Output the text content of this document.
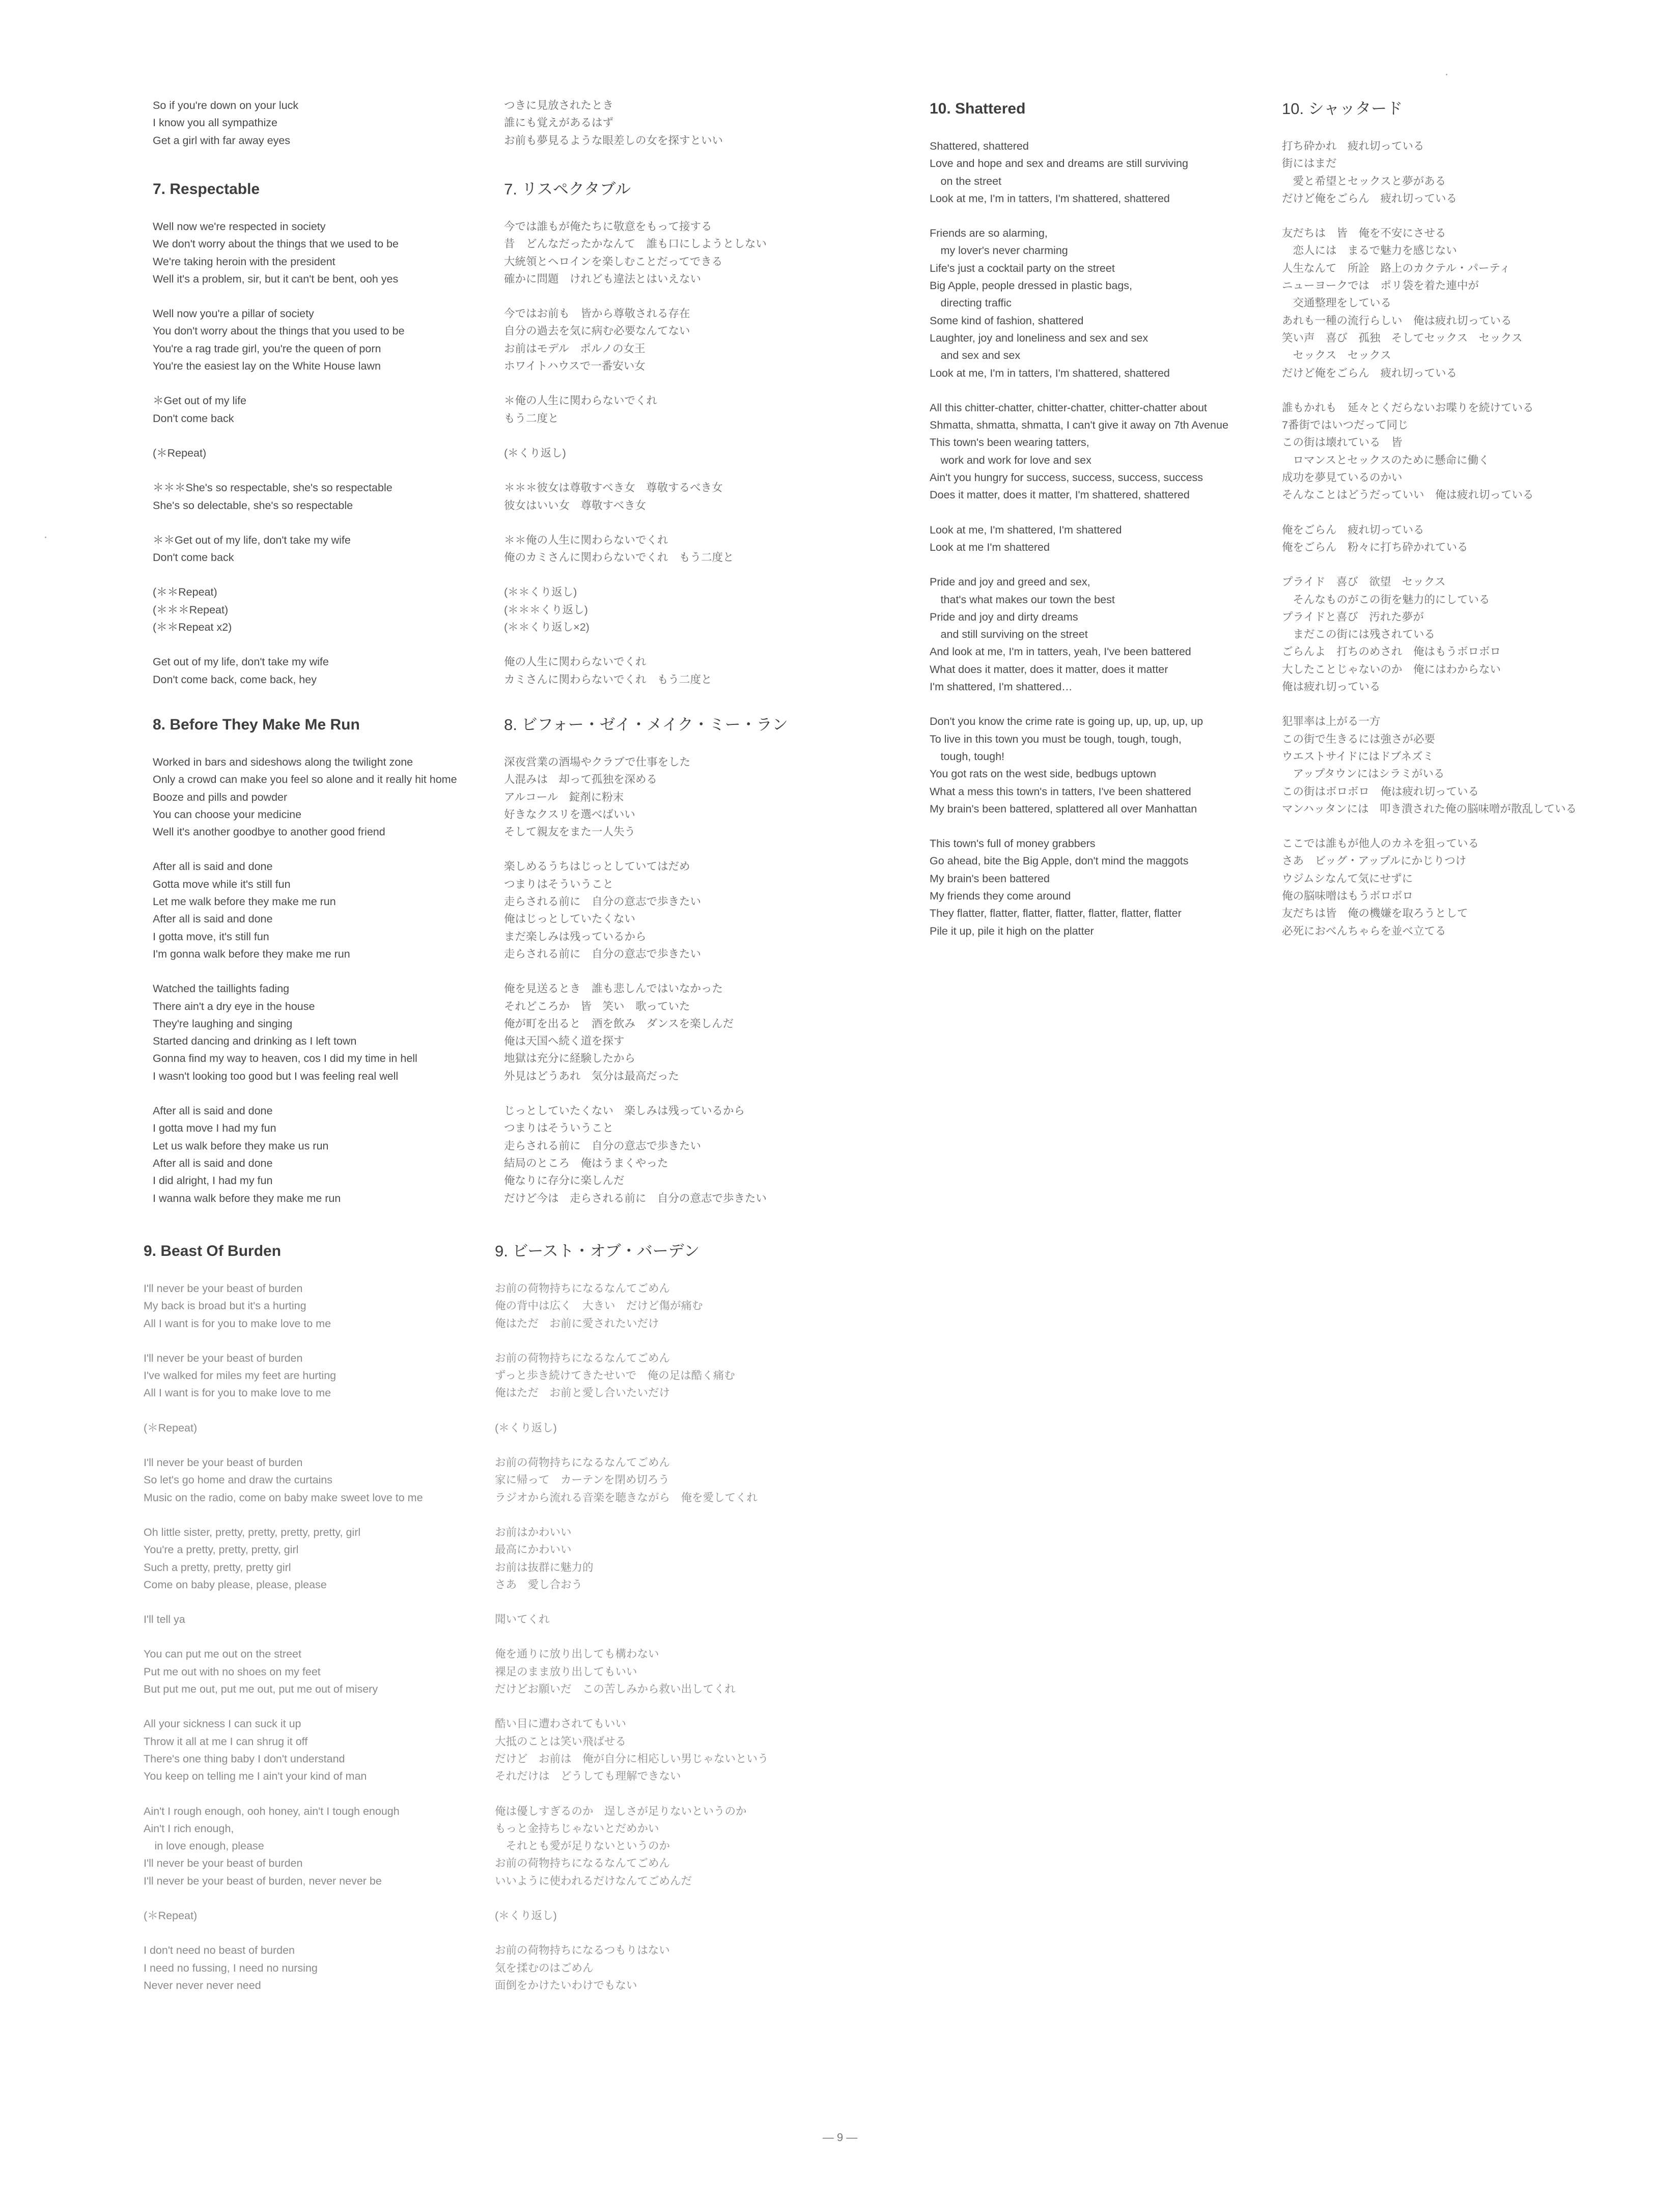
So if you're down on your luck
I know you all sympathize
Get a girl with far away eyes
つきに見放されたとき
誰にも覚えがあるはず
お前も夢見るような眼差しの女を探すといい
7. Respectable
Well now we're respected in society
We don't worry about the things that we used to be
We're taking heroin with the president
Well it's a problem, sir, but it can't be bent, ooh yes
Well now you're a pillar of society
You don't worry about the things that you used to be
You're a rag trade girl, you're the queen of porn
You're the easiest lay on the White House lawn
＊Get out of my life
Don't come back
(＊Repeat)
＊＊＊She's so respectable, she's so respectable
She's so delectable, she's so respectable
＊＊Get out of my life, don't take my wife
Don't come back
(＊＊Repeat)
(＊＊＊Repeat)
(＊＊Repeat x2)
Get out of my life, don't take my wife
Don't come back, come back, hey
7. リスペクタブル
今では誰もが俺たちに敬意をもって接する
昔　どんなだったかなんて　誰も口にしようとしない
大統領とヘロインを楽しむことだってできる
確かに問題　けれども違法とはいえない
今ではお前も　皆から尊敬される存在
自分の過去を気に病む必要なんてない
お前はモデル　ポルノの女王
ホワイトハウスで一番安い女
＊俺の人生に関わらないでくれ
もう二度と
(＊くり返し)
＊＊＊彼女は尊敬すべき女　尊敬するべき女
彼女はいい女　尊敬すべき女
＊＊俺の人生に関わらないでくれ
俺のカミさんに関わらないでくれ　もう二度と
(＊＊くり返し)
(＊＊＊くり返し)
(＊＊くり返し×2)
俺の人生に関わらないでくれ
カミさんに関わらないでくれ　もう二度と
8. Before They Make Me Run
Worked in bars and sideshows along the twilight zone
Only a crowd can make you feel so alone and it really hit home
Booze and pills and powder
You can choose your medicine
Well it's another goodbye to another good friend
After all is said and done
Gotta move while it's still fun
Let me walk before they make me run
After all is said and done
I gotta move, it's still fun
I'm gonna walk before they make me run
Watched the taillights fading
There ain't a dry eye in the house
They're laughing and singing
Started dancing and drinking as I left town
Gonna find my way to heaven, cos I did my time in hell
I wasn't looking too good but I was feeling real well
After all is said and done
I gotta move I had my fun
Let us walk before they make us run
After all is said and done
I did alright, I had my fun
I wanna walk before they make me run
8. ビフォー・ゼイ・メイク・ミー・ラン
深夜営業の酒場やクラブで仕事をした
人混みは　却って孤独を深める
アルコール　錠剤に粉末
好きなクスリを選べばいい
そして親友をまた一人失う
楽しめるうちはじっとしていてはだめ
つまりはそういうこと
走らされる前に　自分の意志で歩きたい
俺はじっとしていたくない
まだ楽しみは残っているから
走らされる前に　自分の意志で歩きたい
俺を見送るとき　誰も悲しんではいなかった
それどころか　皆　笑い　歌っていた
俺が町を出ると　酒を飲み　ダンスを楽しんだ
俺は天国へ続く道を探す
地獄は充分に経験したから
外見はどうあれ　気分は最高だった
じっとしていたくない　楽しみは残っているから
つまりはそういうこと
走らされる前に　自分の意志で歩きたい
結局のところ　俺はうまくやった
俺なりに存分に楽しんだ
だけど今は　走らされる前に　自分の意志で歩きたい
9. Beast Of Burden
I'll never be your beast of burden
My back is broad but it's a hurting
All I want is for you to make love to me
I'll never be your beast of burden
I've walked for miles my feet are hurting
All I want is for you to make love to me
(＊Repeat)
I'll never be your beast of burden
So let's go home and draw the curtains
Music on the radio, come on baby make sweet love to me
Oh little sister, pretty, pretty, pretty, pretty, girl
You're a pretty, pretty, pretty, girl
Such a pretty, pretty, pretty girl
Come on baby please, please, please
I'll tell ya
You can put me out on the street
Put me out with no shoes on my feet
But put me out, put me out, put me out of misery
All your sickness I can suck it up
Throw it all at me I can shrug it off
There's one thing baby I don't understand
You keep on telling me I ain't your kind of man
Ain't I rough enough, ooh honey, ain't I tough enough
Ain't I rich enough,
　in love enough, please
I'll never be your beast of burden
I'll never be your beast of burden, never never be
(＊Repeat)
I don't need no beast of burden
I need no fussing, I need no nursing
Never never never need
9. ビースト・オブ・バーデン
お前の荷物持ちになるなんてごめん
俺の背中は広く　大きい　だけど傷が痛む
俺はただ　お前に愛されたいだけ
お前の荷物持ちになるなんてごめん
ずっと歩き続けてきたせいで　俺の足は酷く痛む
俺はただ　お前と愛し合いたいだけ
(＊くり返し)
お前の荷物持ちになるなんてごめん
家に帰って　カーテンを閉め切ろう
ラジオから流れる音楽を聴きながら　俺を愛してくれ
お前はかわいい
最高にかわいい
お前は抜群に魅力的
さあ　愛し合おう
聞いてくれ
俺を通りに放り出しても構わない
裸足のまま放り出してもいい
だけどお願いだ　この苦しみから救い出してくれ
酷い目に遭わされてもいい
大抵のことは笑い飛ばせる
だけど　お前は　俺が自分に相応しい男じゃないという
それだけは　どうしても理解できない
俺は優しすぎるのか　逞しさが足りないというのか
もっと金持ちじゃないとだめかい
　それとも愛が足りないというのか
お前の荷物持ちになるなんてごめん
いいように使われるだけなんてごめんだ
(＊くり返し)
お前の荷物持ちになるつもりはない
気を揉むのはごめん
面倒をかけたいわけでもない
10. Shattered
Shattered, shattered
Love and hope and sex and dreams are still surviving
　on the street
Look at me, I'm in tatters, I'm shattered, shattered
Friends are so alarming,
　my lover's never charming
Life's just a cocktail party on the street
Big Apple, people dressed in plastic bags,
　directing traffic
Some kind of fashion, shattered
Laughter, joy and loneliness and sex and sex
　and sex and sex
Look at me, I'm in tatters, I'm shattered, shattered
All this chitter-chatter, chitter-chatter, chitter-chatter about
Shmatta, shmatta, shmatta, I can't give it away on 7th Avenue
This town's been wearing tatters,
　work and work for love and sex
Ain't you hungry for success, success, success, success
Does it matter, does it matter, I'm shattered, shattered
Look at me, I'm shattered, I'm shattered
Look at me I'm shattered
Pride and joy and greed and sex,
　that's what makes our town the best
Pride and joy and dirty dreams
　and still surviving on the street
And look at me, I'm in tatters, yeah, I've been battered
What does it matter, does it matter, does it matter
I'm shattered, I'm shattered…
Don't you know the crime rate is going up, up, up, up, up
To live in this town you must be tough, tough, tough,
　tough, tough!
You got rats on the west side, bedbugs uptown
What a mess this town's in tatters, I've been shattered
My brain's been battered, splattered all over Manhattan
This town's full of money grabbers
Go ahead, bite the Big Apple, don't mind the maggots
My brain's been battered
My friends they come around
They flatter, flatter, flatter, flatter, flatter, flatter, flatter
Pile it up, pile it high on the platter
10. シャッタード
打ち砕かれ　疲れ切っている
街にはまだ
　愛と希望とセックスと夢がある
だけど俺をごらん　疲れ切っている
友だちは　皆　俺を不安にさせる
　恋人には　まるで魅力を感じない
人生なんて　所詮　路上のカクテル・パーティ
ニューヨークでは　ポリ袋を着た連中が
　交通整理をしている
あれも一種の流行らしい　俺は疲れ切っている
笑い声　喜び　孤独　そしてセックス　セックス
　セックス　セックス
だけど俺をごらん　疲れ切っている
誰もかれも　延々とくだらないお喋りを続けている
7番街ではいつだって同じ
この街は壊れている　皆
　ロマンスとセックスのために懸命に働く
成功を夢見ているのかい
そんなことはどうだっていい　俺は疲れ切っている
俺をごらん　疲れ切っている
俺をごらん　粉々に打ち砕かれている
プライド　喜び　欲望　セックス
　そんなものがこの街を魅力的にしている
プライドと喜び　汚れた夢が
　まだこの街には残されている
ごらんよ　打ちのめされ　俺はもうボロボロ
大したことじゃないのか　俺にはわからない
俺は疲れ切っている
犯罪率は上がる一方
この街で生きるには強さが必要
ウエストサイドにはドブネズミ
　アップタウンにはシラミがいる
この街はボロボロ　俺は疲れ切っている
マンハッタンには　叩き潰された俺の脳味噌が散乱している
ここでは誰もが他人のカネを狙っている
さあ　ビッグ・アップルにかじりつけ
ウジムシなんて気にせずに
俺の脳味噌はもうボロボロ
友だちは皆　俺の機嫌を取ろうとして
必死におべんちゃらを並べ立てる
— 9 —
